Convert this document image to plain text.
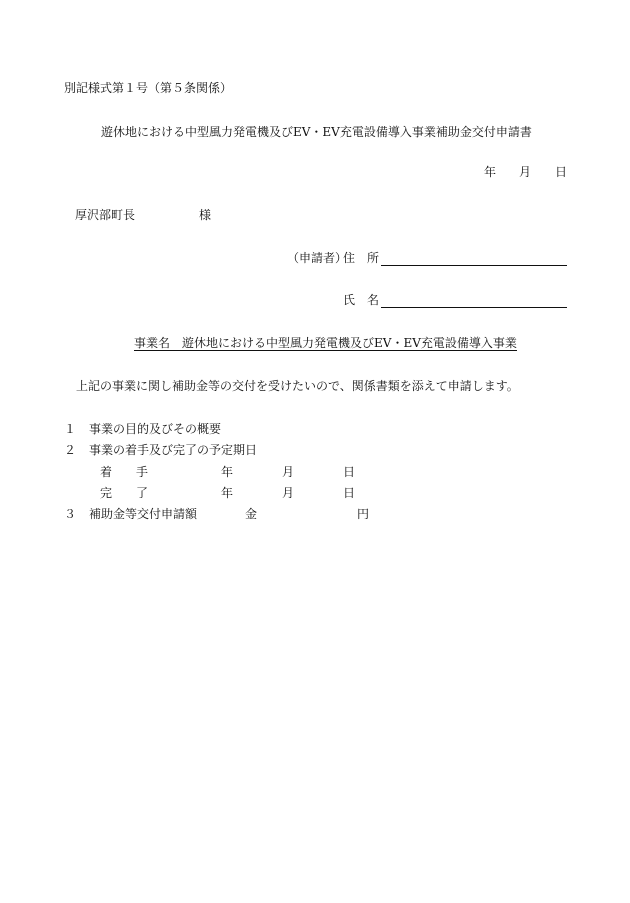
別記様式第１号（第５条関係）
遊休地における中型風力発電機及びEV・EV充電設備導入事業補助金交付申請書
年 月 日
厚沢部町長	様
（申請者）
住　所
氏　名
事業名 遊休地における中型風力発電機及びEV・EV充電設備導入事業
上記の事業に関し補助金等の交付を受けたいので、関係書類を添えて申請します。
１ 事業の目的及びその概要
２ 事業の着手及び完了の予定期日
着　　手	年	月	日
完　　了	年	月	日
３ 補助金等交付申請額	金	円
